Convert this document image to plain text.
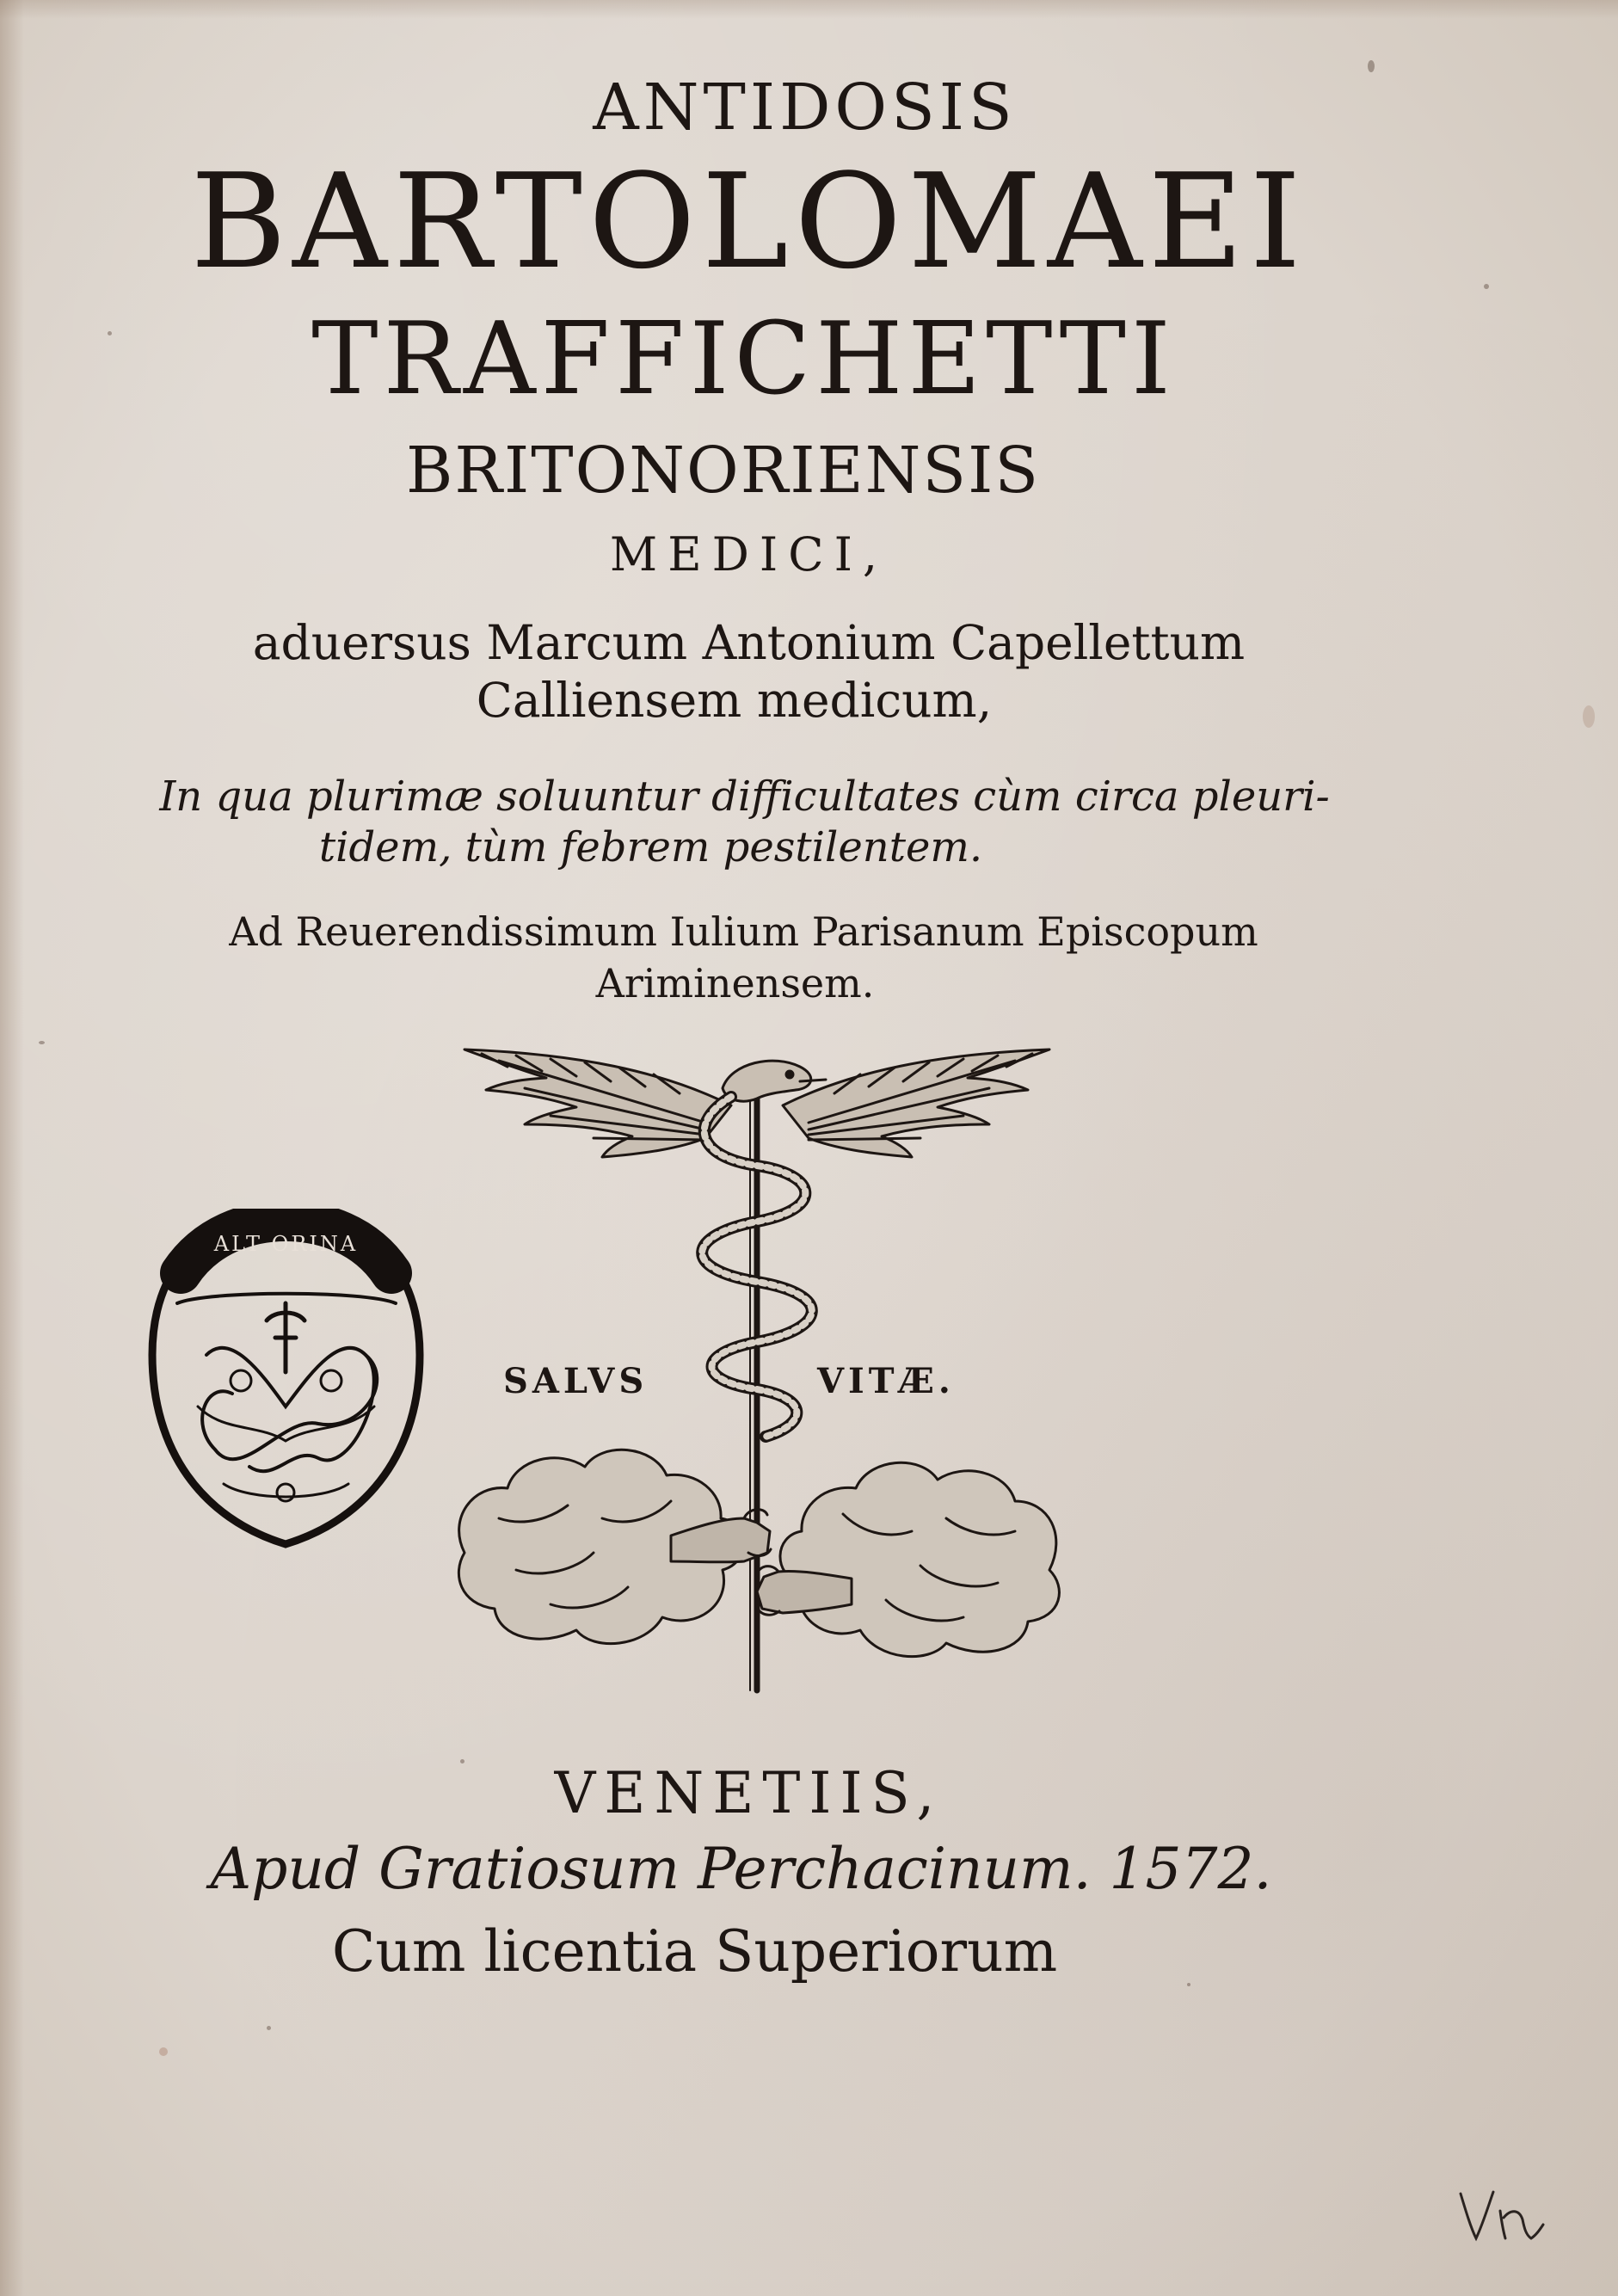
ANTIDOSIS
BARTOLOMAEI
TRAFFICHETTI
BRITONORIENSIS
MEDICI,
aduersus Marcum Antonium Capellettum
Calliensem medicum,
In qua plurimæ soluuntur difficultates cùm circa pleuri-
tidem, tùm febrem pestilentem.
Ad Reuerendissimum Iulium Parisanum Episcopum
Ariminensem.
SALVS	VITÆ.
ALT ORINA
VENETIIS,
Apud Gratiosum Perchacinum. 1572.
Cum licentia Superiorum
